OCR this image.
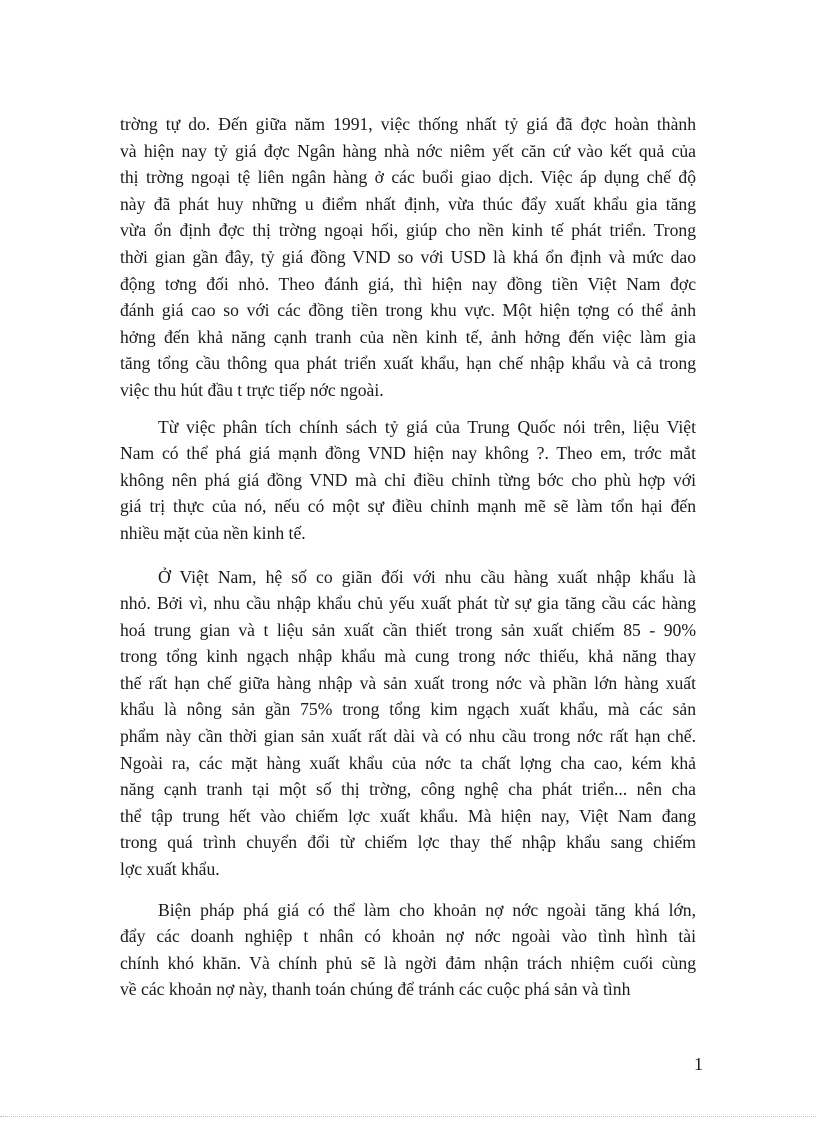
trờng tự do. Đến giữa năm 1991, việc thống nhất tỷ giá đã đợc hoàn thành
và hiện nay tỷ giá đợc Ngân hàng nhà nớc niêm yết căn cứ vào kết quả của
thị trờng ngoại tệ liên ngân hàng ở các buổi giao dịch. Việc áp dụng chế độ
này đã phát huy những u điểm nhất định, vừa thúc đẩy xuất khẩu gia tăng
vừa ổn định đợc thị trờng ngoại hối, giúp cho nền kinh tế phát triển. Trong
thời gian gần đây, tỷ giá đồng VND so với USD là khá ổn định và mức dao
động tơng đối nhỏ. Theo đánh giá, thì hiện nay đồng tiền Việt Nam đợc
đánh giá cao so với các đồng tiền trong khu vực. Một hiện tợng có thể ảnh
hởng đến khả năng cạnh tranh của nền kinh tế, ảnh hởng đến việc làm gia
tăng tổng cầu thông qua phát triển xuất khẩu, hạn chế nhập khẩu và cả trong
việc thu hút đầu t trực tiếp nớc ngoài.

Từ việc phân tích chính sách tỷ giá của Trung Quốc nói trên, liệu Việt
Nam có thể phá giá mạnh đồng VND hiện nay không ?. Theo em, trớc mắt
không nên phá giá đồng VND mà chỉ điều chỉnh từng bớc cho phù hợp với
giá trị thực của nó, nếu có một sự điều chỉnh mạnh mẽ sẽ làm tổn hại đến
nhiều mặt của nền kinh tế.

Ở Việt Nam, hệ số co giãn đối với nhu cầu hàng xuất nhập khẩu là
nhỏ. Bởi vì, nhu cầu nhập khẩu chủ yếu xuất phát từ sự gia tăng cầu các hàng
hoá trung gian và t liệu sản xuất cần thiết trong sản xuất chiếm 85 - 90%
trong tổng kinh ngạch nhập khẩu mà cung trong nớc thiếu, khả năng thay
thế rất hạn chế giữa hàng nhập và sản xuất trong nớc và phần lớn hàng xuất
khẩu là nông sản gần 75% trong tổng kim ngạch xuất khẩu, mà các sản
phẩm này cần thời gian sản xuất rất dài và có nhu cầu trong nớc rất hạn chế.
Ngoài ra, các mặt hàng xuất khẩu của nớc ta chất lợng cha cao, kém khả
năng cạnh tranh tại một số thị trờng, công nghệ cha phát triển... nên cha
thể tập trung hết vào chiếm lợc xuất khẩu. Mà hiện nay, Việt Nam đang
trong quá trình chuyển đổi từ chiếm lợc thay thế nhập khẩu sang chiếm
lợc xuất khẩu.

Biện pháp phá giá có thể làm cho khoản nợ nớc ngoài tăng khá lớn,
đẩy các doanh nghiệp t nhân có khoản nợ nớc ngoài vào tình hình tài
chính khó khăn. Và chính phủ sẽ là ngời đảm nhận trách nhiệm cuối cùng
về các khoản nợ này, thanh toán chúng để tránh các cuộc phá sản và tình

1
